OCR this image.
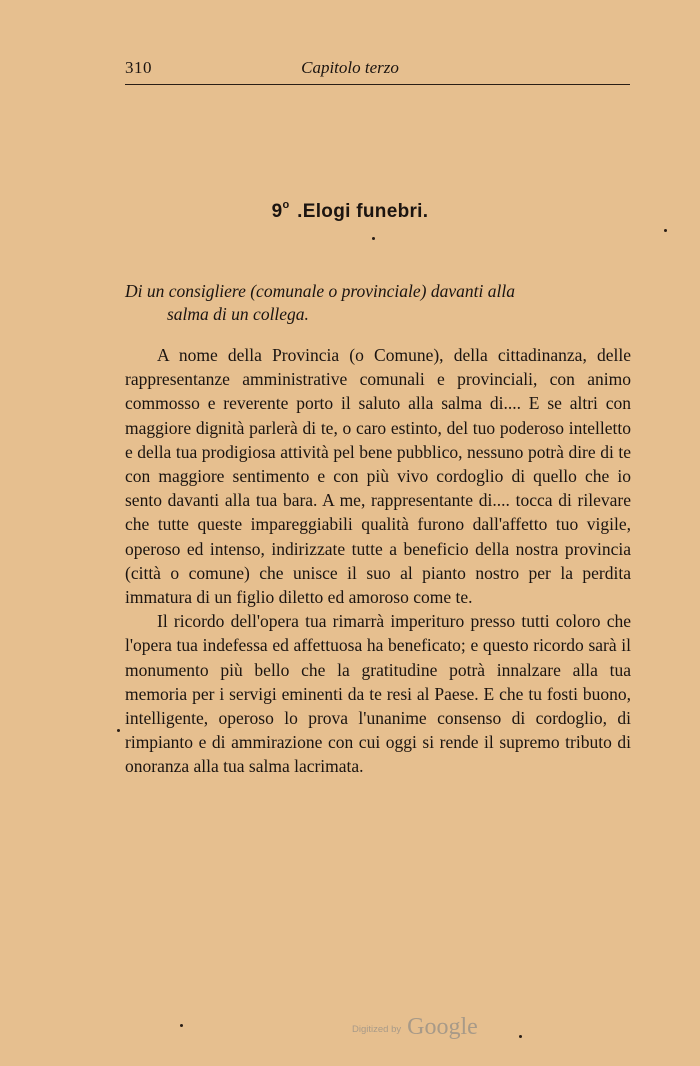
310	Capitolo terzo
9$^o$ .Elogi funebri.
Di un consigliere (comunale o provinciale) davanti alla
salma di un collega.

A nome della Provincia (o Comune), della cittadinanza, delle rappresentanze amministrative comunali e provinciali, con animo commosso e reverente porto il saluto alla salma di.... E se altri con maggiore dignità parlerà di te, o caro estinto, del tuo poderoso intelletto e della tua prodigiosa attività pel bene pubblico, nessuno potrà dire di te con maggiore sentimento e con più vivo cordoglio di quello che io sento davanti alla tua bara. A me, rappresentante di.... tocca di rilevare che tutte queste impareggiabili qualità furono dall'affetto tuo vigile, operoso ed intenso, indirizzate tutte a beneficio della nostra provincia (città o comune) che unisce il suo al pianto nostro per la perdita immatura di un figlio diletto ed amoroso come te.

Il ricordo dell'opera tua rimarrà imperituro presso tutti coloro che l'opera tua indefessa ed affettuosa ha beneficato; e questo ricordo sarà il monumento più bello che la gratitudine potrà innalzare alla tua memoria per i servigi eminenti da te resi al Paese. E che tu fosti buono, intelligente, operoso lo prova l'unanime consenso di cordoglio, di rimpianto e di ammirazione con cui oggi si rende il supremo tributo di onoranza alla tua salma lacrimata.

Digitized by Google
